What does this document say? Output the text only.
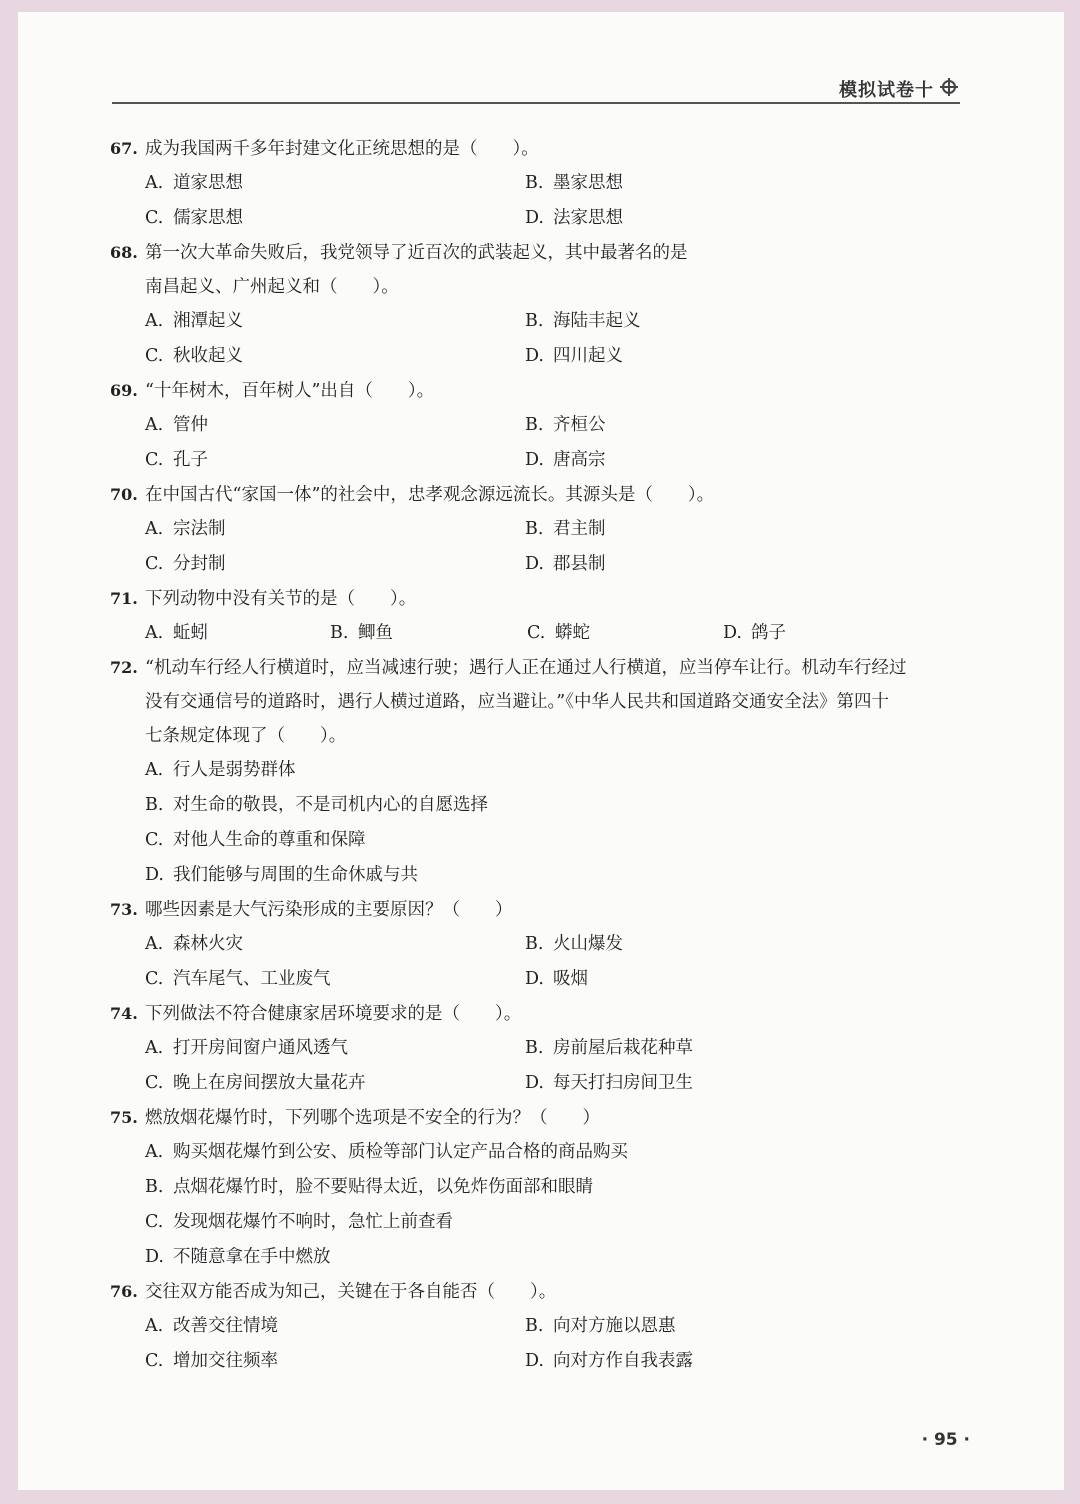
模拟试卷十
67. 成为我国两千多年封建文化正统思想的是（　　）。
A. 道家思想	B. 墨家思想
C. 儒家思想	D. 法家思想
68. 第一次大革命失败后，我党领导了近百次的武装起义，其中最著名的是
南昌起义、广州起义和（　　）。
A. 湘潭起义	B. 海陆丰起义
C. 秋收起义	D. 四川起义
69. “十年树木，百年树人”出自（　　）。
A. 管仲	B. 齐桓公
C. 孔子	D. 唐高宗
70. 在中国古代“家国一体”的社会中，忠孝观念源远流长。其源头是（　　）。
A. 宗法制	B. 君主制
C. 分封制	D. 郡县制
71. 下列动物中没有关节的是（　　）。
A. 蚯蚓	B. 鲫鱼	C. 蟒蛇	D. 鸽子
72. “机动车行经人行横道时，应当减速行驶；遇行人正在通过人行横道，应当停车让行。机动车行经过
没有交通信号的道路时，遇行人横过道路，应当避让。”《中华人民共和国道路交通安全法》第四十
七条规定体现了（　　）。
A. 行人是弱势群体
B. 对生命的敬畏，不是司机内心的自愿选择
C. 对他人生命的尊重和保障
D. 我们能够与周围的生命休戚与共
73. 哪些因素是大气污染形成的主要原因？（　　）
A. 森林火灾	B. 火山爆发
C. 汽车尾气、工业废气	D. 吸烟
74. 下列做法不符合健康家居环境要求的是（　　）。
A. 打开房间窗户通风透气	B. 房前屋后栽花种草
C. 晚上在房间摆放大量花卉	D. 每天打扫房间卫生
75. 燃放烟花爆竹时，下列哪个选项是不安全的行为？（　　）
A. 购买烟花爆竹到公安、质检等部门认定产品合格的商品购买
B. 点烟花爆竹时，脸不要贴得太近，以免炸伤面部和眼睛
C. 发现烟花爆竹不响时，急忙上前查看
D. 不随意拿在手中燃放
76. 交往双方能否成为知己，关键在于各自能否（　　）。
A. 改善交往情境	B. 向对方施以恩惠
C. 增加交往频率	D. 向对方作自我表露
· 95 ·
